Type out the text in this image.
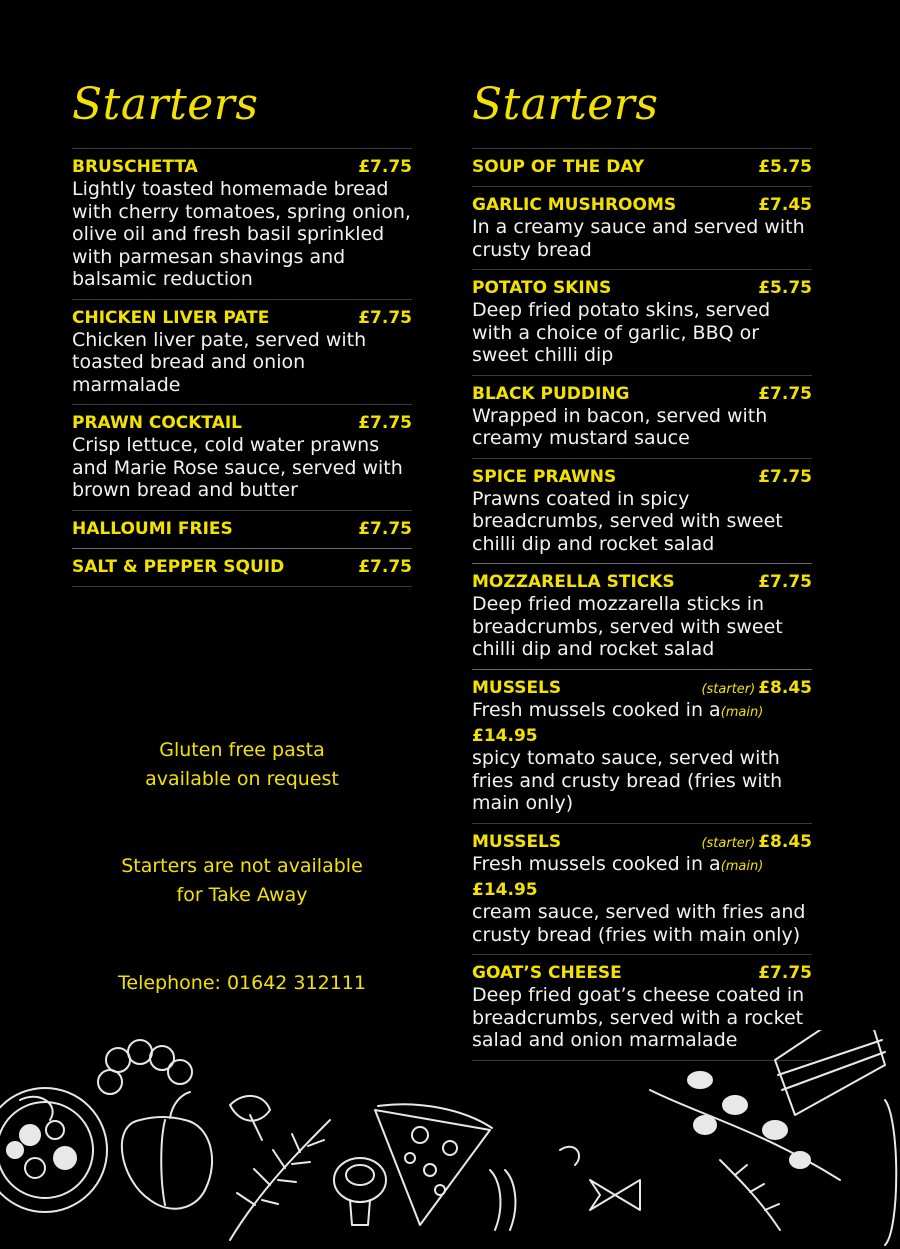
Starters
BRUSCHETTA	£7.75

Lightly toasted homemade bread with cherry tomatoes, spring onion, olive oil and fresh basil sprinkled with parmesan shavings and balsamic reduction

CHICKEN LIVER PATE	£7.75

Chicken liver pate, served with toasted bread and onion marmalade

PRAWN COCKTAIL	£7.75

Crisp lettuce, cold water prawns and Marie Rose sauce, served with brown bread and butter

HALLOUMI FRIES	£7.75
SALT & PEPPER SQUID	£7.75
Gluten free pasta
available on request
Starters are not available
for Take Away
Telephone: 01642 312111
Starters
SOUP OF THE DAY	£5.75
GARLIC MUSHROOMS	£7.45

In a creamy sauce and served with crusty bread

POTATO SKINS	£5.75

Deep fried potato skins, served with a choice of garlic, BBQ or sweet chilli dip

BLACK PUDDING	£7.75

Wrapped in bacon, served with creamy mustard sauce

SPICE PRAWNS	£7.75

Prawns coated in spicy breadcrumbs, served with sweet chilli dip and rocket salad

MOZZARELLA STICKS	£7.75

Deep fried mozzarella sticks in breadcrumbs, served with sweet chilli dip and rocket salad

MUSSELS	(starter) £8.45

Fresh mussels cooked in a(main)£14.95
spicy tomato sauce, served with fries and crusty bread (fries with main only)

MUSSELS	(starter) £8.45

Fresh mussels cooked in a(main)£14.95
cream sauce, served with fries and crusty bread (fries with main only)

GOAT’S CHEESE	£7.75

Deep fried goat’s cheese coated in breadcrumbs, served with a rocket salad and onion marmalade
